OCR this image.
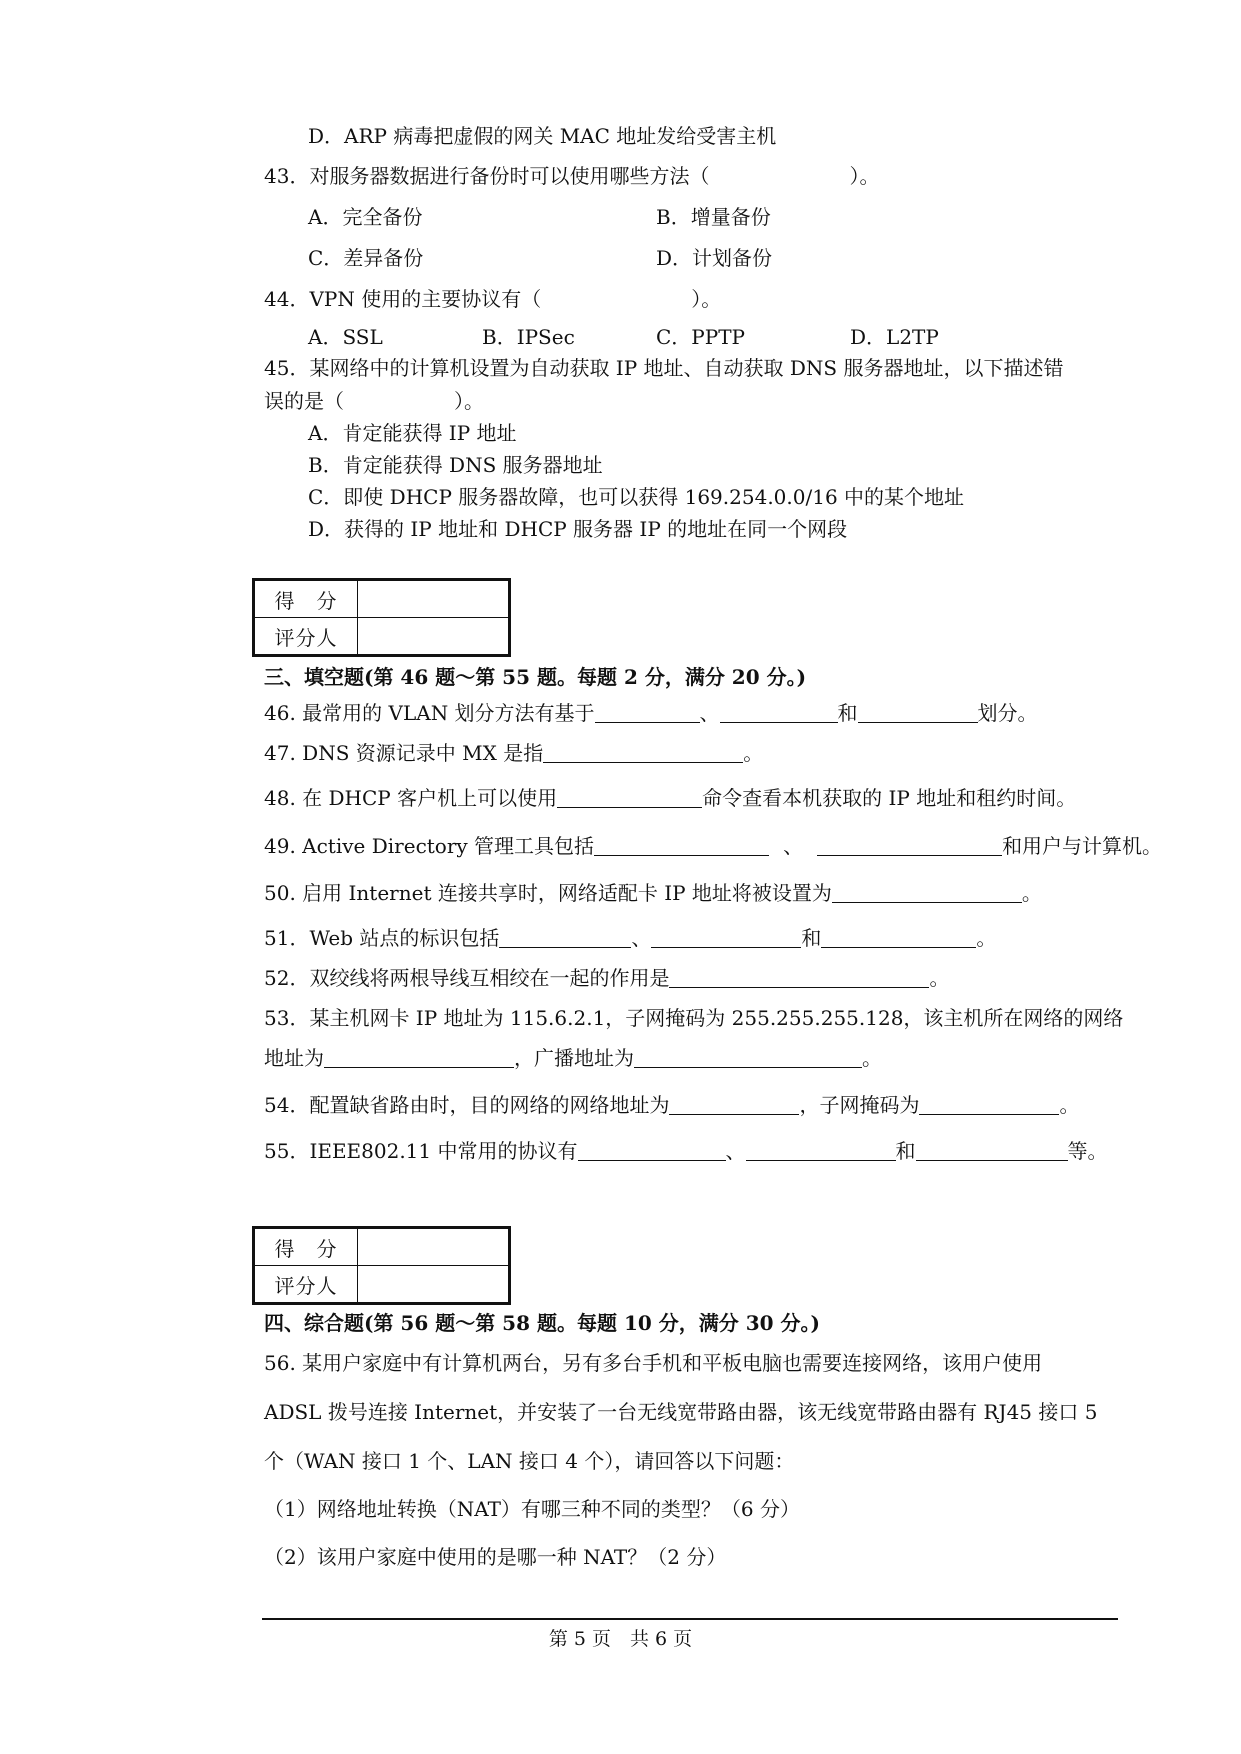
D．ARP 病毒把虚假的网关 MAC 地址发给受害主机
43．对服务器数据进行备份时可以使用哪些方法（	）。
A．完全备份	B．增量备份
C．差异备份	D．计划备份
44．VPN 使用的主要协议有（	）。
A．SSL	B．IPSec	C．PPTP	D．L2TP
45．某网络中的计算机设置为自动获取 IP 地址、自动获取 DNS 服务器地址，以下描述错
误的是（	）。
A．肯定能获得 IP 地址
B．肯定能获得 DNS 服务器地址
C．即使 DHCP 服务器故障，也可以获得 169.254.0.0/16 中的某个地址
D．获得的 IP 地址和 DHCP 服务器 IP 的地址在同一个网段
得　分	
评分人	
三、填空题(第 46 题～第 55 题。每题 2 分，满分 20 分。)
46. 最常用的 VLAN 划分方法有基于	、	和	划分。
47. DNS 资源记录中 MX 是指	。
48. 在 DHCP 客户机上可以使用	命令查看本机获取的 IP 地址和租约时间。
49. Active Directory 管理工具包括	、	和用户与计算机。
50. 启用 Internet 连接共享时，网络适配卡 IP 地址将被设置为	。
51．Web 站点的标识包括	、	和	。
52．双绞线将两根导线互相绞在一起的作用是	。
53．某主机网卡 IP 地址为 115.6.2.1，子网掩码为 255.255.255.128，该主机所在网络的网络
地址为	，广播地址为	。
54．配置缺省路由时，目的网络的网络地址为	，子网掩码为	。
55．IEEE802.11 中常用的协议有	、	和	等。
得　分	
评分人	
四、综合题(第 56 题～第 58 题。每题 10 分，满分 30 分。)
56. 某用户家庭中有计算机两台，另有多台手机和平板电脑也需要连接网络，该用户使用
ADSL 拨号连接 Internet，并安装了一台无线宽带路由器，该无线宽带路由器有 RJ45 接口 5
个（WAN 接口 1 个、LAN 接口 4 个），请回答以下问题：
（1）网络地址转换（NAT）有哪三种不同的类型？（6 分）
（2）该用户家庭中使用的是哪一种 NAT？（2 分）
第 5 页　共 6 页
